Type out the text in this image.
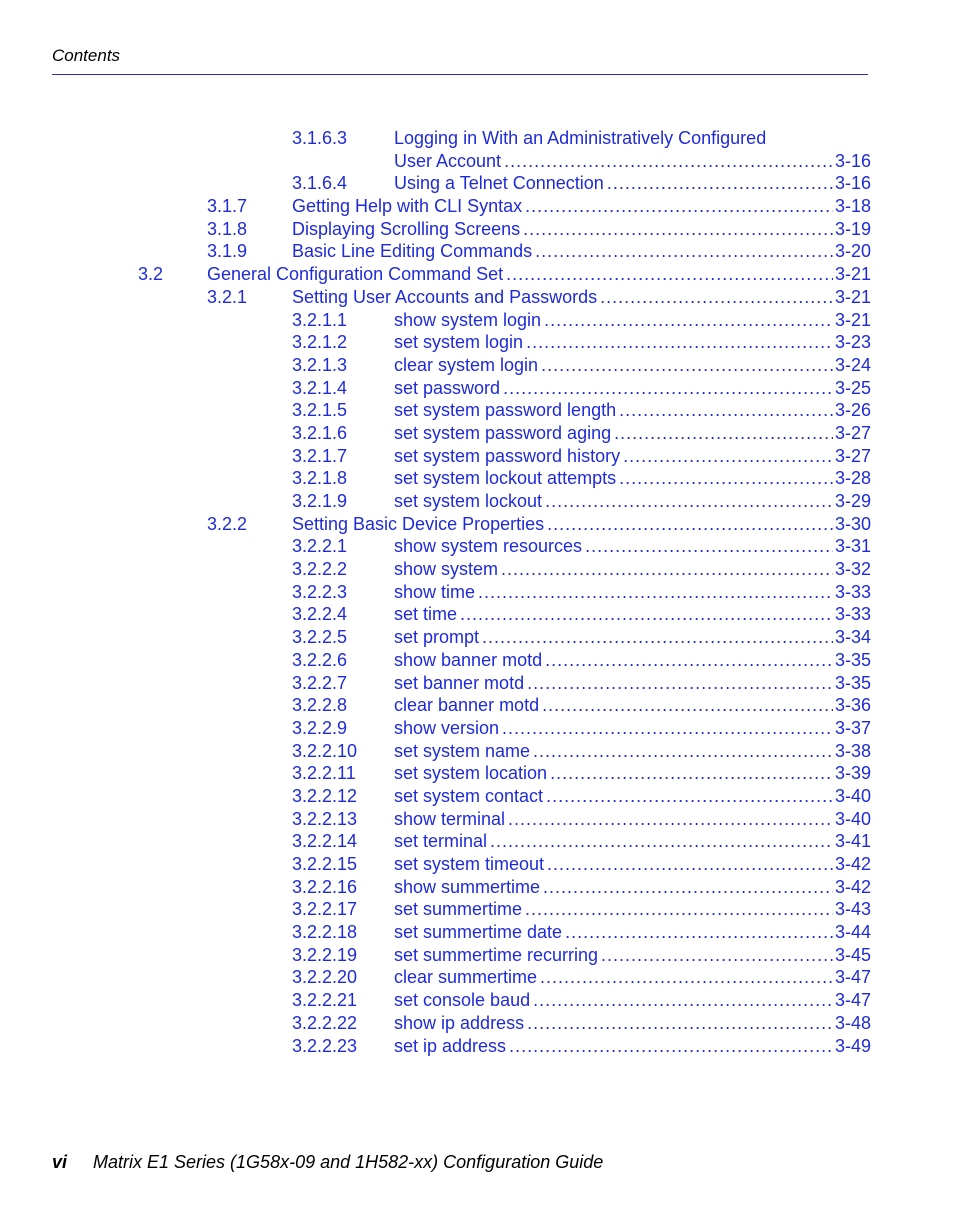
Contents
3.1.6.3	Logging in With an Administratively Configured
User Account .....	3-16
3.1.6.4	Using a Telnet Connection .....	3-16
3.1.7 Getting Help with CLI Syntax .....	3-18
3.1.8 Displaying Scrolling Screens .....	3-19
3.1.9 Basic Line Editing Commands .....	3-20
3.2 General Configuration Command Set .....	3-21
3.2.1 Setting User Accounts and Passwords .....	3-21
3.2.1.1	show system login .....	3-21
3.2.1.2	set system login .....	3-23
3.2.1.3	clear system login .....	3-24
3.2.1.4	set password .....	3-25
3.2.1.5	set system password length .....	3-26
3.2.1.6	set system password aging .....	3-27
3.2.1.7	set system password history .....	3-27
3.2.1.8	set system lockout attempts .....	3-28
3.2.1.9	set system lockout .....	3-29
3.2.2 Setting Basic Device Properties .....	3-30
3.2.2.1	show system resources .....	3-31
3.2.2.2	show system .....	3-32
3.2.2.3	show time .....	3-33
3.2.2.4	set time .....	3-33
3.2.2.5	set prompt .....	3-34
3.2.2.6	show banner motd .....	3-35
3.2.2.7	set banner motd .....	3-35
3.2.2.8	clear banner motd .....	3-36
3.2.2.9	show version .....	3-37
3.2.2.10 set system name .....	3-38
3.2.2.11 set system location .....	3-39
3.2.2.12 set system contact .....	3-40
3.2.2.13 show terminal .....	3-40
3.2.2.14 set terminal .....	3-41
3.2.2.15 set system timeout .....	3-42
3.2.2.16 show summertime .....	3-42
3.2.2.17 set summertime .....	3-43
3.2.2.18 set summertime date .....	3-44
3.2.2.19 set summertime recurring .....	3-45
3.2.2.20 clear summertime .....	3-47
3.2.2.21 set console baud .....	3-47
3.2.2.22 show ip address .....	3-48
3.2.2.23 set ip address .....	3-49
vi Matrix E1 Series (1G58x-09 and 1H582-xx) Configuration Guide
